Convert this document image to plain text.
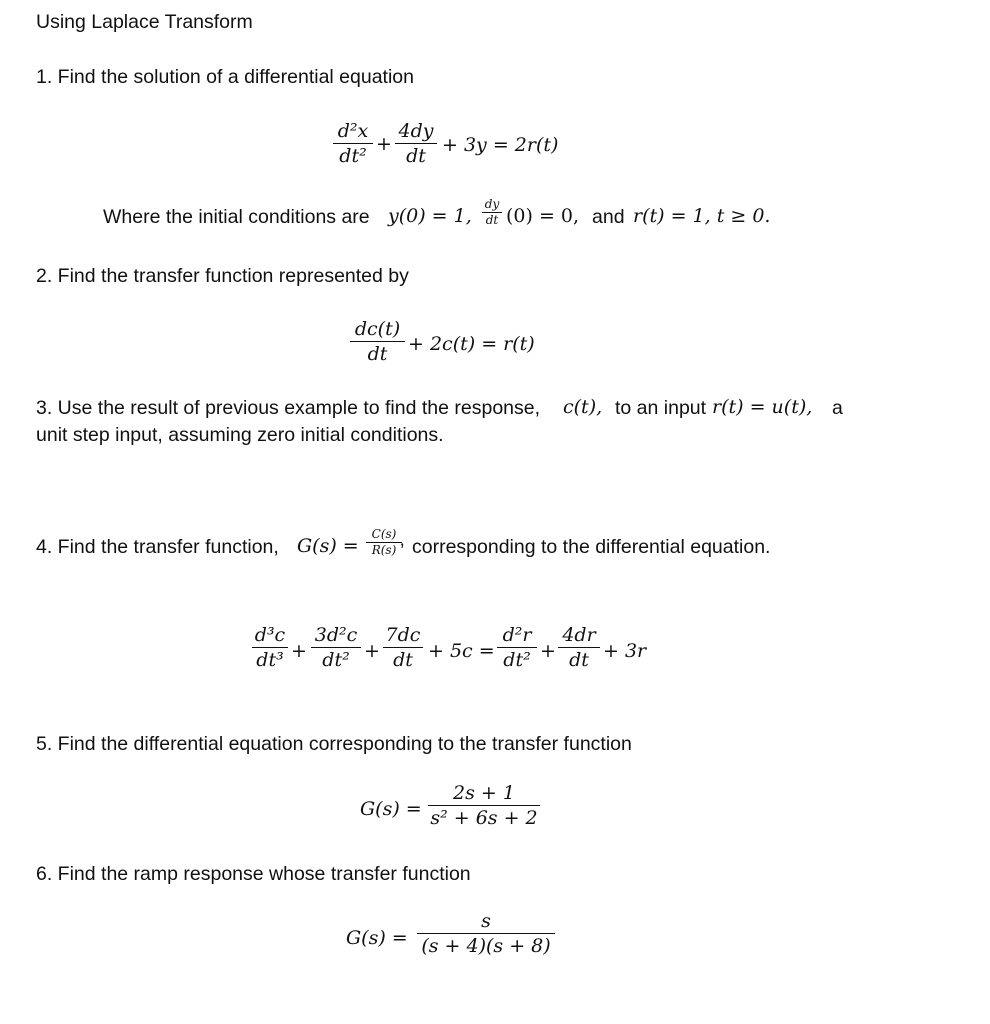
Using Laplace Transform
1. Find the solution of a differential equation
d²x
dt²
+
4dy
dt + 3y = 2r(t)
Where the initial conditions are y(0) = 1,
dy
dt (0) = 0, and r(t) = 1, t ≥ 0.
2. Find the transfer function represented by
dc(t)
dt	+ 2c(t) = r(t)
3. Use the result of previous example to find the response, c(t), to an input r(t) = u(t), a
unit step input, assuming zero initial conditions.
4. Find the transfer function, G(s) =
C(s)
R(s) ’ corresponding to the differential equation.
d³c
dt³ +
3d²c
dt² +
7dc
dt + 5c =
d²r
dt² +
4dr
dt + 3r
5. Find the differential equation corresponding to the transfer function
G(s) =
2s + 1
s² + 6s + 2
6. Find the ramp response whose transfer function
G(s) =
s
(s + 4)(s + 8)
